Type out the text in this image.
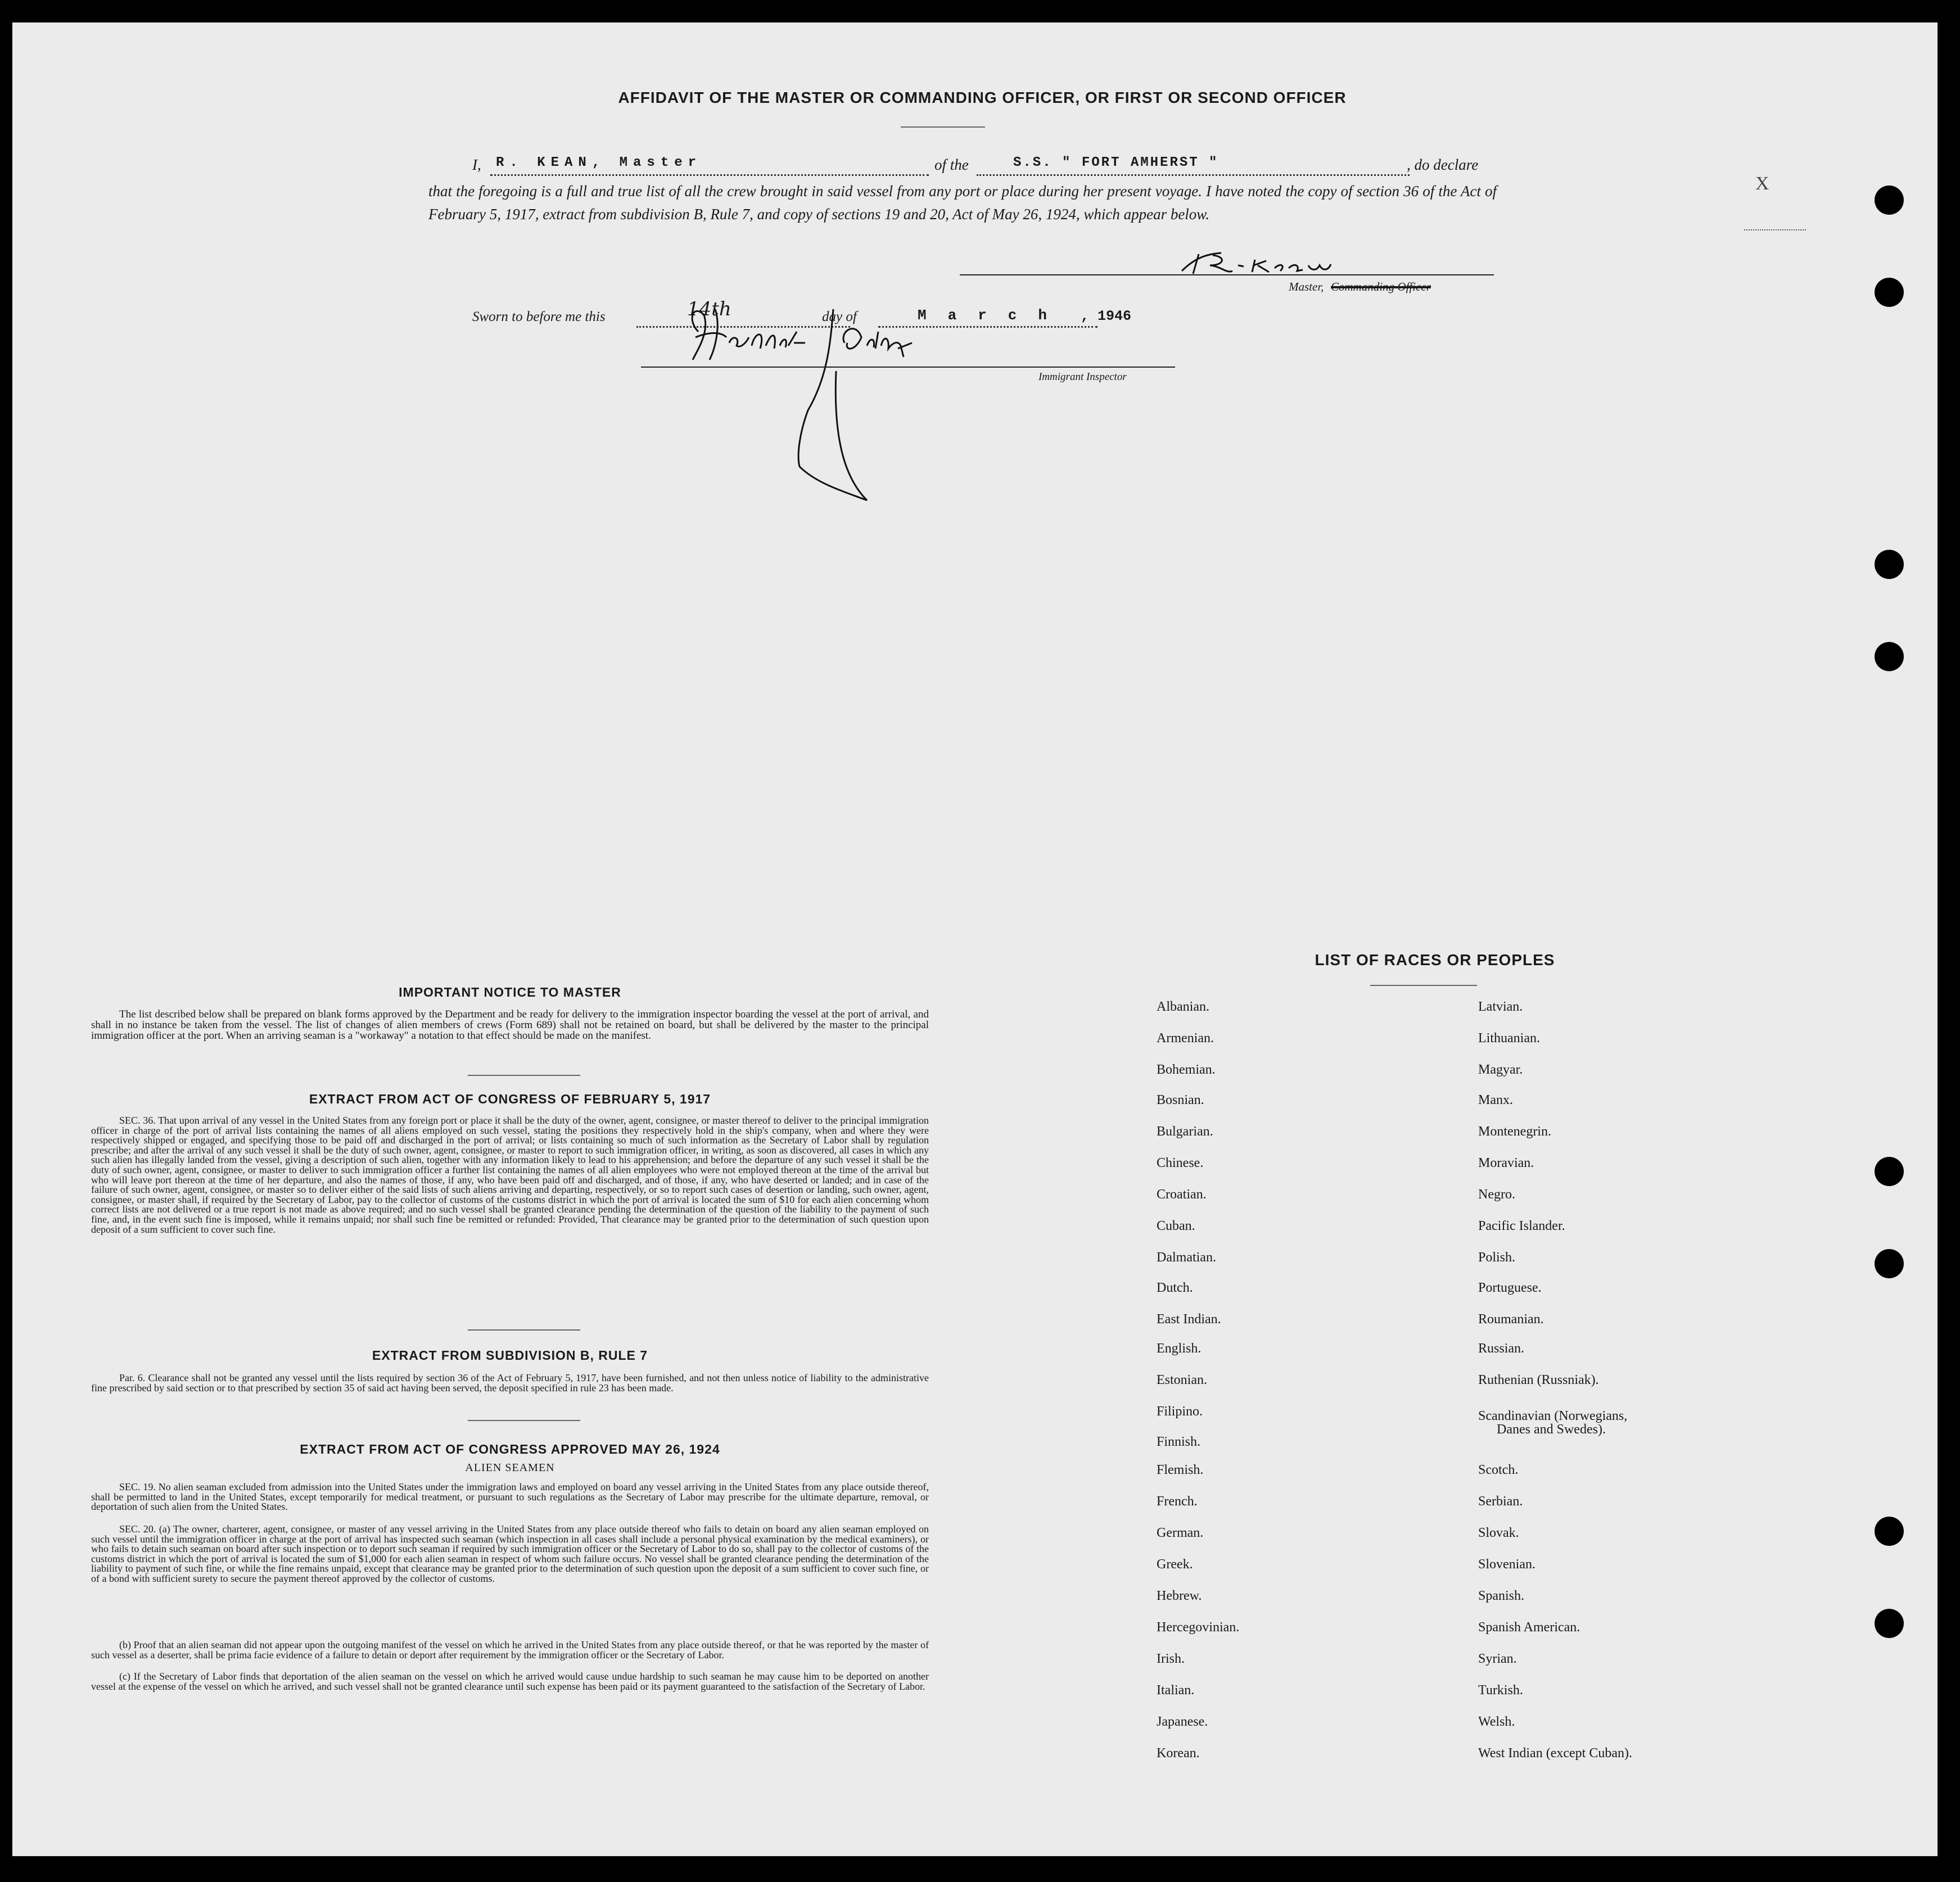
AFFIDAVIT OF THE MASTER OR COMMANDING OFFICER, OR FIRST OR SECOND OFFICER
I, R. KEAN, Master	of the	S.S. " FORT AMHERST "	, do declare
that the foregoing is a full and true list of all the crew brought in said vessel from any port or place during her present voyage. I have noted the copy of section 36 of the Act of February 5, 1917, extract from subdivision B, Rule 7, and copy of sections 19 and 20, Act of May 26, 1924, which appear below.
Master, Commanding Officer
Sworn to before me this	14th	day of	March , 1946
Immigrant Inspector
X
IMPORTANT NOTICE TO MASTER
The list described below shall be prepared on blank forms approved by the Department and be ready for delivery to the immigration inspector boarding the vessel at the port of arrival, and shall in no instance be taken from the vessel. The list of changes of alien members of crews (Form 689) shall not be retained on board, but shall be delivered by the master to the principal immigration officer at the port. When an arriving seaman is a "workaway" a notation to that effect should be made on the manifest.
EXTRACT FROM ACT OF CONGRESS OF FEBRUARY 5, 1917
SEC. 36. That upon arrival of any vessel in the United States from any foreign port or place it shall be the duty of the owner, agent, consignee, or master thereof to deliver to the principal immigration officer in charge of the port of arrival lists containing the names of all aliens employed on such vessel, stating the positions they respectively hold in the ship's company, when and where they were respectively shipped or engaged, and specifying those to be paid off and discharged in the port of arrival; or lists containing so much of such information as the Secretary of Labor shall by regulation prescribe; and after the arrival of any such vessel it shall be the duty of such owner, agent, consignee, or master to report to such immigration officer, in writing, as soon as discovered, all cases in which any such alien has illegally landed from the vessel, giving a description of such alien, together with any information likely to lead to his apprehension; and before the departure of any such vessel it shall be the duty of such owner, agent, consignee, or master to deliver to such immigration officer a further list containing the names of all alien employees who were not employed thereon at the time of the arrival but who will leave port thereon at the time of her departure, and also the names of those, if any, who have been paid off and discharged, and of those, if any, who have deserted or landed; and in case of the failure of such owner, agent, consignee, or master so to deliver either of the said lists of such aliens arriving and departing, respectively, or so to report such cases of desertion or landing, such owner, agent, consignee, or master shall, if required by the Secretary of Labor, pay to the collector of customs of the customs district in which the port of arrival is located the sum of $10 for each alien concerning whom correct lists are not delivered or a true report is not made as above required; and no such vessel shall be granted clearance pending the determination of the question of the liability to the payment of such fine, and, in the event such fine is imposed, while it remains unpaid; nor shall such fine be remitted or refunded: Provided, That clearance may be granted prior to the determination of such question upon deposit of a sum sufficient to cover such fine.
EXTRACT FROM SUBDIVISION B, RULE 7
Par. 6. Clearance shall not be granted any vessel until the lists required by section 36 of the Act of February 5, 1917, have been furnished, and not then unless notice of liability to the administrative fine prescribed by said section or to that prescribed by section 35 of said act having been served, the deposit specified in rule 23 has been made.
EXTRACT FROM ACT OF CONGRESS APPROVED MAY 26, 1924
ALIEN SEAMEN
SEC. 19. No alien seaman excluded from admission into the United States under the immigration laws and employed on board any vessel arriving in the United States from any place outside thereof, shall be permitted to land in the United States, except temporarily for medical treatment, or pursuant to such regulations as the Secretary of Labor may prescribe for the ultimate departure, removal, or deportation of such alien from the United States.
SEC. 20. (a) The owner, charterer, agent, consignee, or master of any vessel arriving in the United States from any place outside thereof who fails to detain on board any alien seaman employed on such vessel until the immigration officer in charge at the port of arrival has inspected such seaman (which inspection in all cases shall include a personal physical examination by the medical examiners), or who fails to detain such seaman on board after such inspection or to deport such seaman if required by such immigration officer or the Secretary of Labor to do so, shall pay to the collector of customs of the customs district in which the port of arrival is located the sum of $1,000 for each alien seaman in respect of whom such failure occurs. No vessel shall be granted clearance pending the determination of the liability to payment of such fine, or while the fine remains unpaid, except that clearance may be granted prior to the determination of such question upon the deposit of a sum sufficient to cover such fine, or of a bond with sufficient surety to secure the payment thereof approved by the collector of customs.
(b) Proof that an alien seaman did not appear upon the outgoing manifest of the vessel on which he arrived in the United States from any place outside thereof, or that he was reported by the master of such vessel as a deserter, shall be prima facie evidence of a failure to detain or deport after requirement by the immigration officer or the Secretary of Labor.
(c) If the Secretary of Labor finds that deportation of the alien seaman on the vessel on which he arrived would cause undue hardship to such seaman he may cause him to be deported on another vessel at the expense of the vessel on which he arrived, and such vessel shall not be granted clearance until such expense has been paid or its payment guaranteed to the satisfaction of the Secretary of Labor.
LIST OF RACES OR PEOPLES
Albanian.
Armenian.
Bohemian.
Bosnian.
Bulgarian.
Chinese.
Croatian.
Cuban.
Dalmatian.
Dutch.
East Indian.
English.
Estonian.
Filipino.
Finnish.
Flemish.
French.
German.
Greek.
Hebrew.
Hercegovinian.
Irish.
Italian.
Japanese.
Korean.
Latvian.
Lithuanian.
Magyar.
Manx.
Montenegrin.
Moravian.
Negro.
Pacific Islander.
Polish.
Portuguese.
Roumanian.
Russian.
Ruthenian (Russniak).
Scandinavian (Norwegians,
Danes and Swedes).
Scotch.
Serbian.
Slovak.
Slovenian.
Spanish.
Spanish American.
Syrian.
Turkish.
Welsh.
West Indian (except Cuban).
